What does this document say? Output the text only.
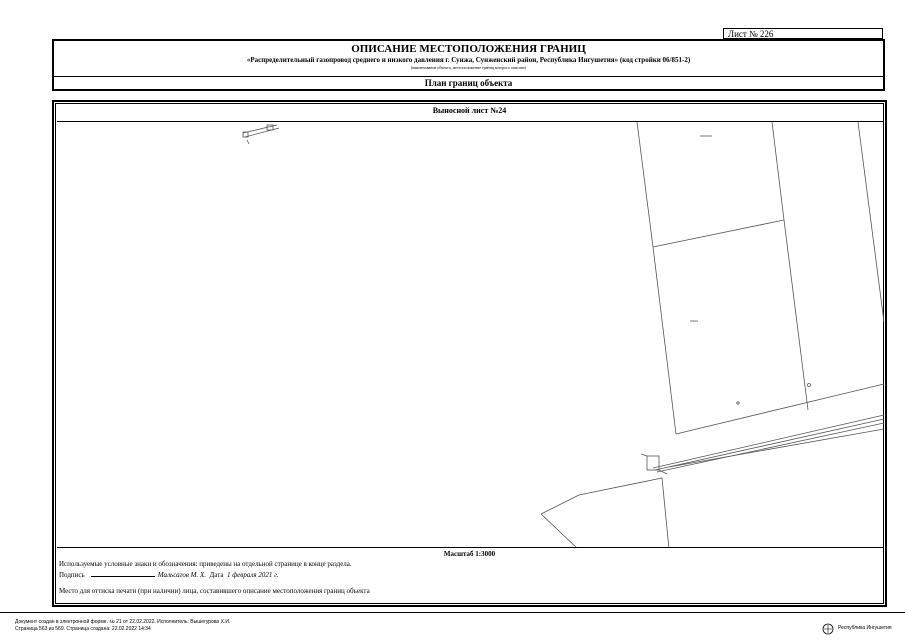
Лист № 226
ОПИСАНИЕ МЕСТОПОЛОЖЕНИЯ ГРАНИЦ
«Распределительный газопровод среднего и низкого давления г. Сунжа, Сунженский район, Республика Ингушетия» (код стройки 06/851-2)
(наименование объекта, местоположение границ которого описано)
План границ объекта
Выносной лист №24
Масштаб 1:3000
Используемые условные знаки и обозначения: приведены на отдельной странице в конце раздела.
Подпись	Мальсагов М. Х. Дата 1 февраля 2021 г.
Место для оттиска печати (при наличии) лица, составившего описание местоположения границ объекта
Документ создан в электронной форме. № 21 от 22.02.2022. Исполнитель: Вышегурова Х.И.
Страница 563 из 569. Страница создана: 22.02.2022 14:34	Республика Ингушетия
